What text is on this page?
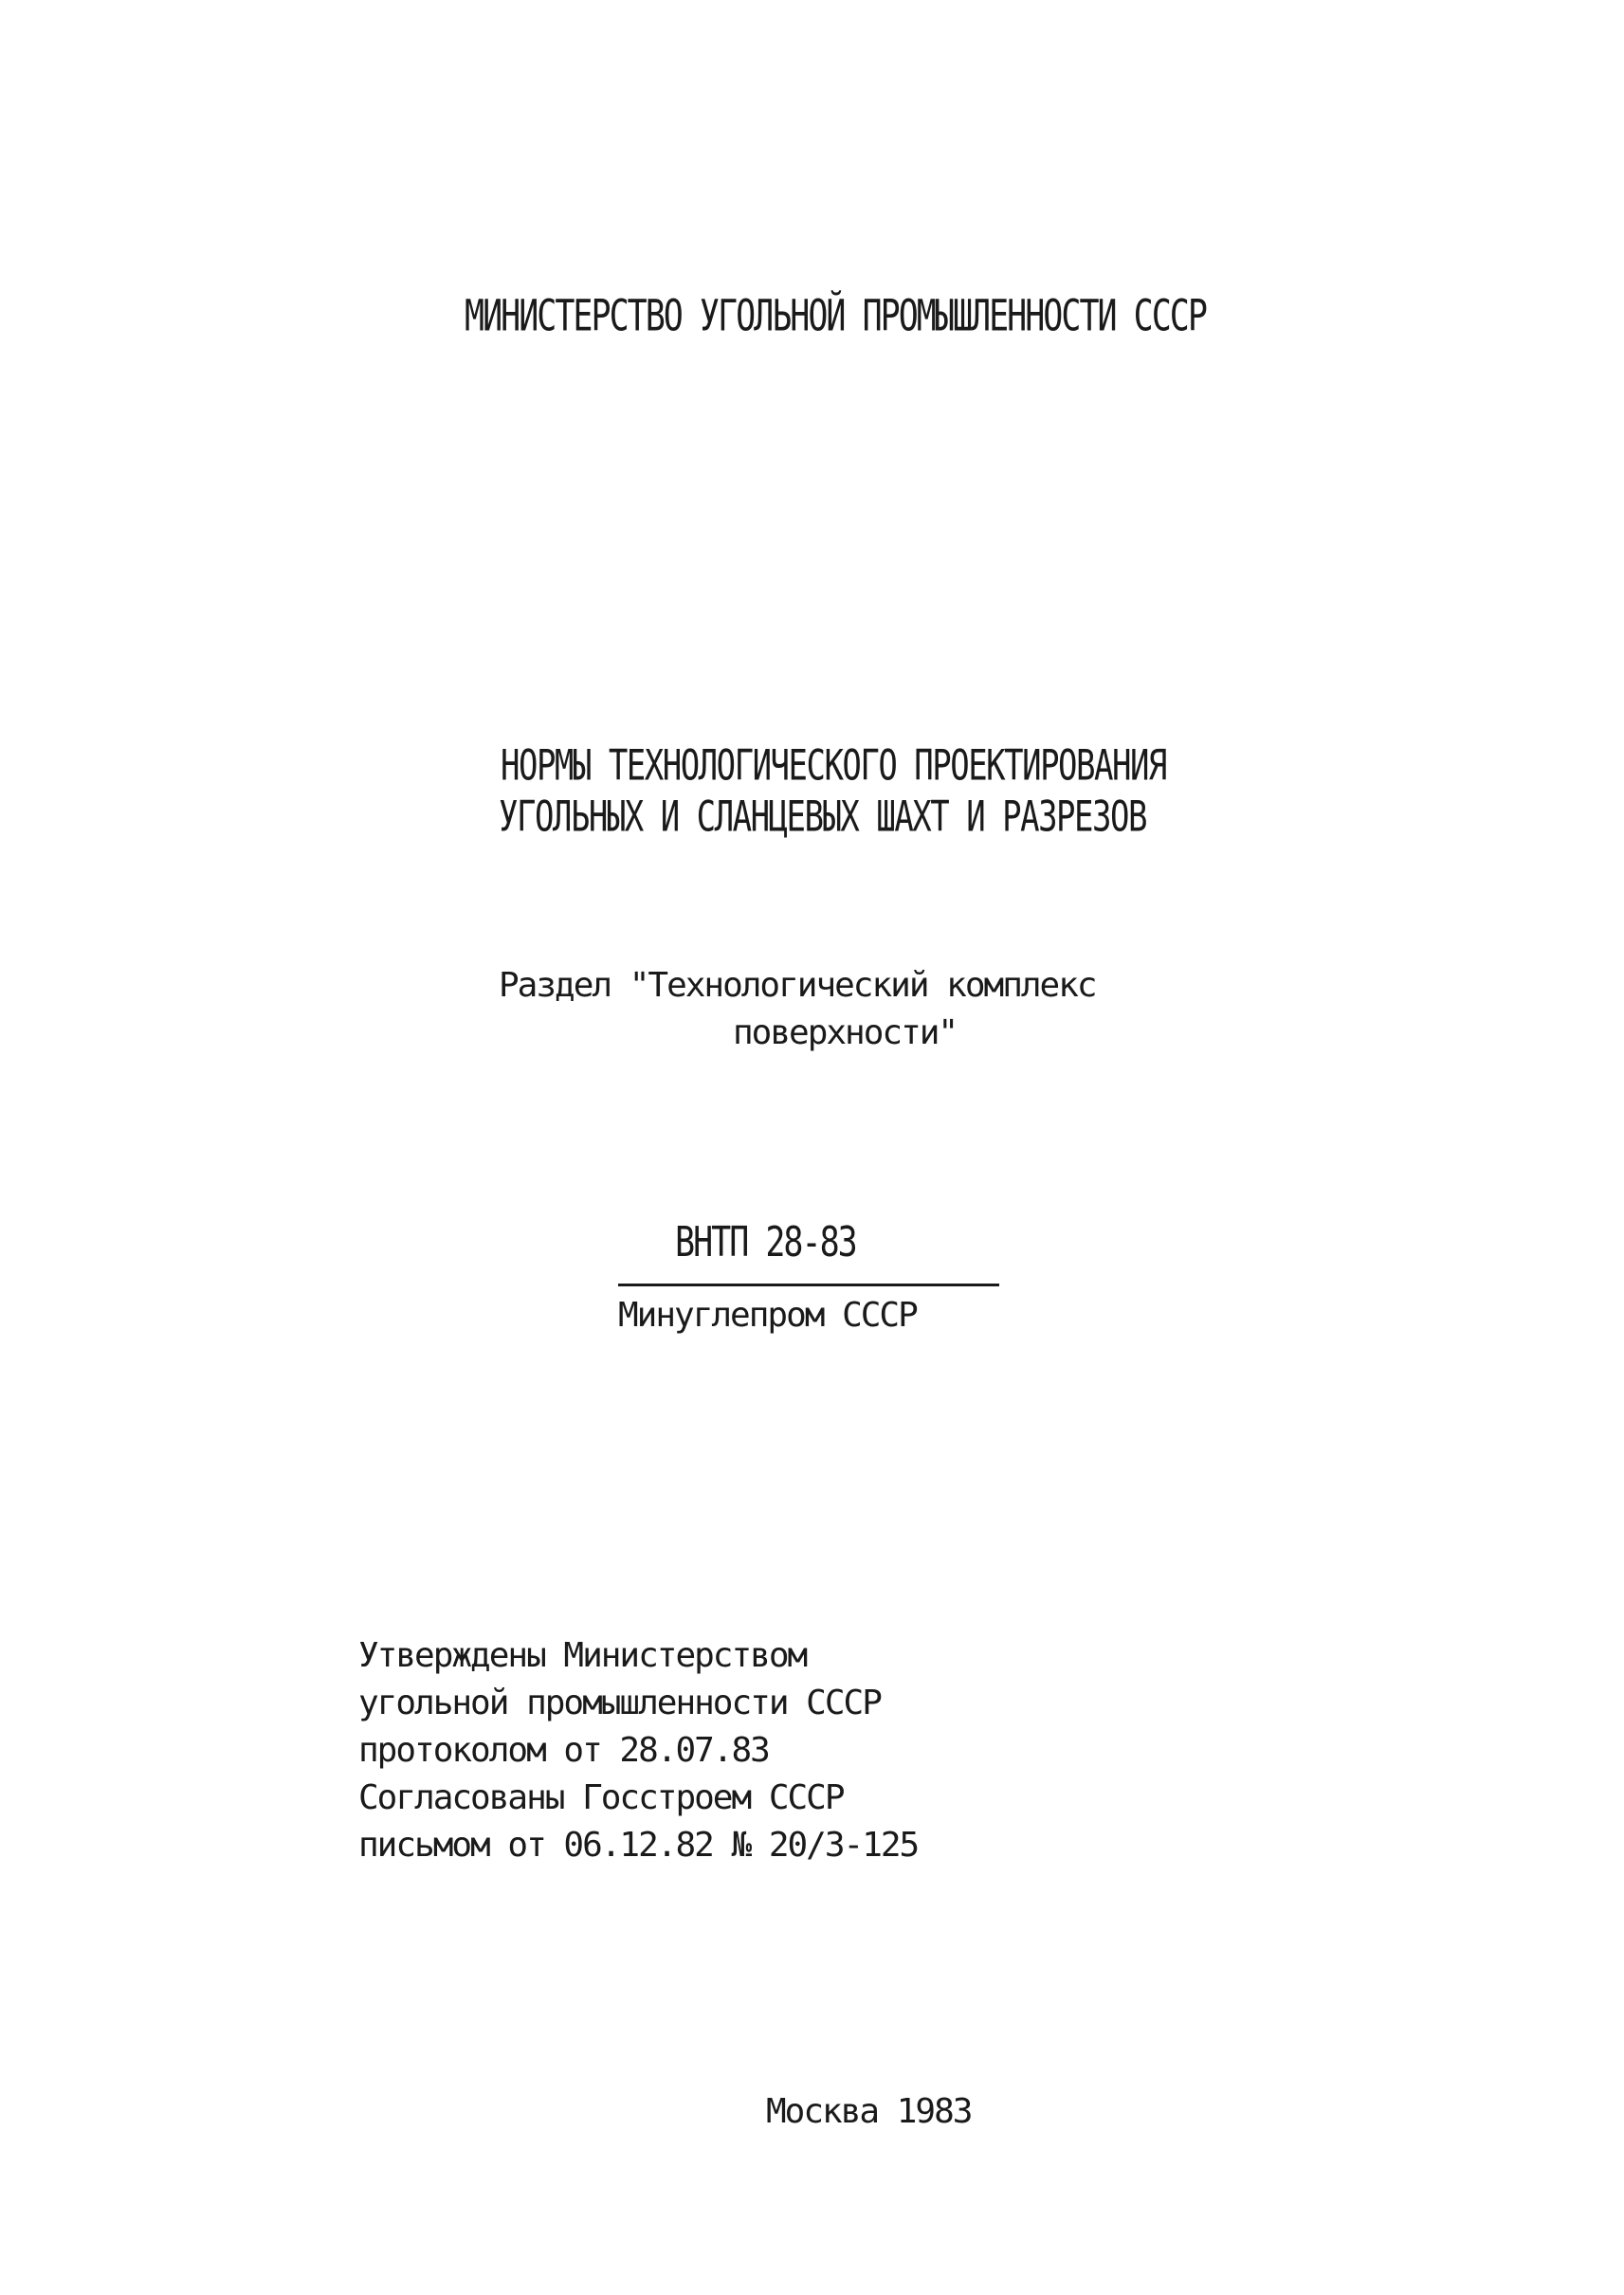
МИНИСТЕРСТВО УГОЛЬНОЙ ПРОМЫШЛЕННОСТИ СССР
НОРМЫ ТЕХНОЛОГИЧЕСКОГО ПРОЕКТИРОВАНИЯ
УГОЛЬНЫХ И СЛАНЦЕВЫХ ШАХТ И РАЗРЕЗОВ
Раздел "Технологический комплекс
поверхности"
ВНТП 28-83
Минуглепром СССР
Утверждены Министерством
угольной промышленности СССР
протоколом от 28.07.83
Согласованы Госстроем СССР
письмом от 06.12.82 № 20/3-125
Москва 1983
